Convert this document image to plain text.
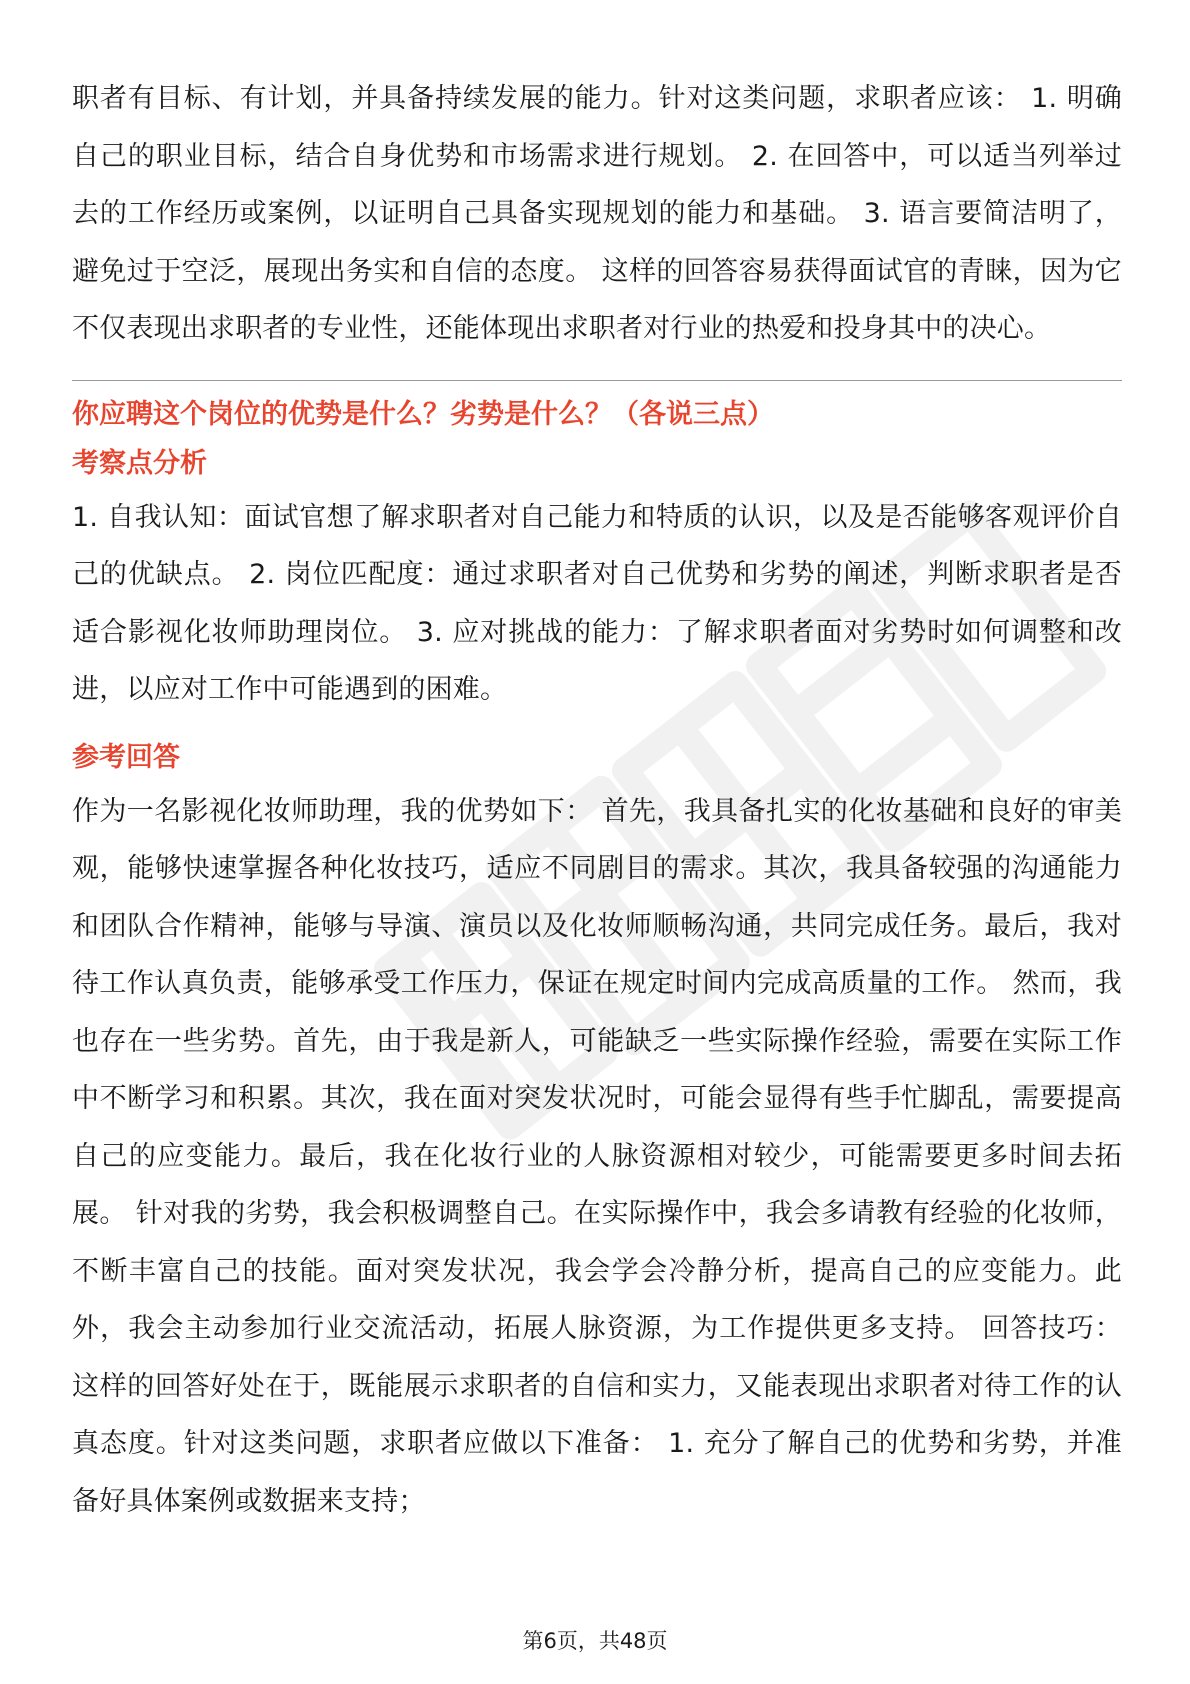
职者有目标、有计划，并具备持续发展的能力。针对这类问题，求职者应该： 1. 明确自己的职业目标，结合自身优势和市场需求进行规划。 2. 在回答中，可以适当列举过去的工作经历或案例，以证明自己具备实现规划的能力和基础。 3. 语言要简洁明了，避免过于空泛，展现出务实和自信的态度。 这样的回答容易获得面试官的青睐，因为它不仅表现出求职者的专业性，还能体现出求职者对行业的热爱和投身其中的决心。

你应聘这个岗位的优势是什么？劣势是什么？（各说三点）

考察点分析

1. 自我认知：面试官想了解求职者对自己能力和特质的认识，以及是否能够客观评价自己的优缺点。 2. 岗位匹配度：通过求职者对自己优势和劣势的阐述，判断求职者是否适合影视化妆师助理岗位。 3. 应对挑战的能力：了解求职者面对劣势时如何调整和改进，以应对工作中可能遇到的困难。

参考回答

作为一名影视化妆师助理，我的优势如下： 首先，我具备扎实的化妆基础和良好的审美观，能够快速掌握各种化妆技巧，适应不同剧目的需求。其次，我具备较强的沟通能力和团队合作精神，能够与导演、演员以及化妆师顺畅沟通，共同完成任务。最后，我对待工作认真负责，能够承受工作压力，保证在规定时间内完成高质量的工作。 然而，我也存在一些劣势。首先，由于我是新人，可能缺乏一些实际操作经验，需要在实际工作中不断学习和积累。其次，我在面对突发状况时，可能会显得有些手忙脚乱，需要提高自己的应变能力。最后，我在化妆行业的人脉资源相对较少，可能需要更多时间去拓展。 针对我的劣势，我会积极调整自己。在实际操作中，我会多请教有经验的化妆师，不断丰富自己的技能。面对突发状况，我会学会冷静分析，提高自己的应变能力。此外，我会主动参加行业交流活动，拓展人脉资源，为工作提供更多支持。 回答技巧： 这样的回答好处在于，既能展示求职者的自信和实力，又能表现出求职者对待工作的认真态度。针对这类问题，求职者应做以下准备： 1. 充分了解自己的优势和劣势，并准备好具体案例或数据来支持；

第6页，共48页
